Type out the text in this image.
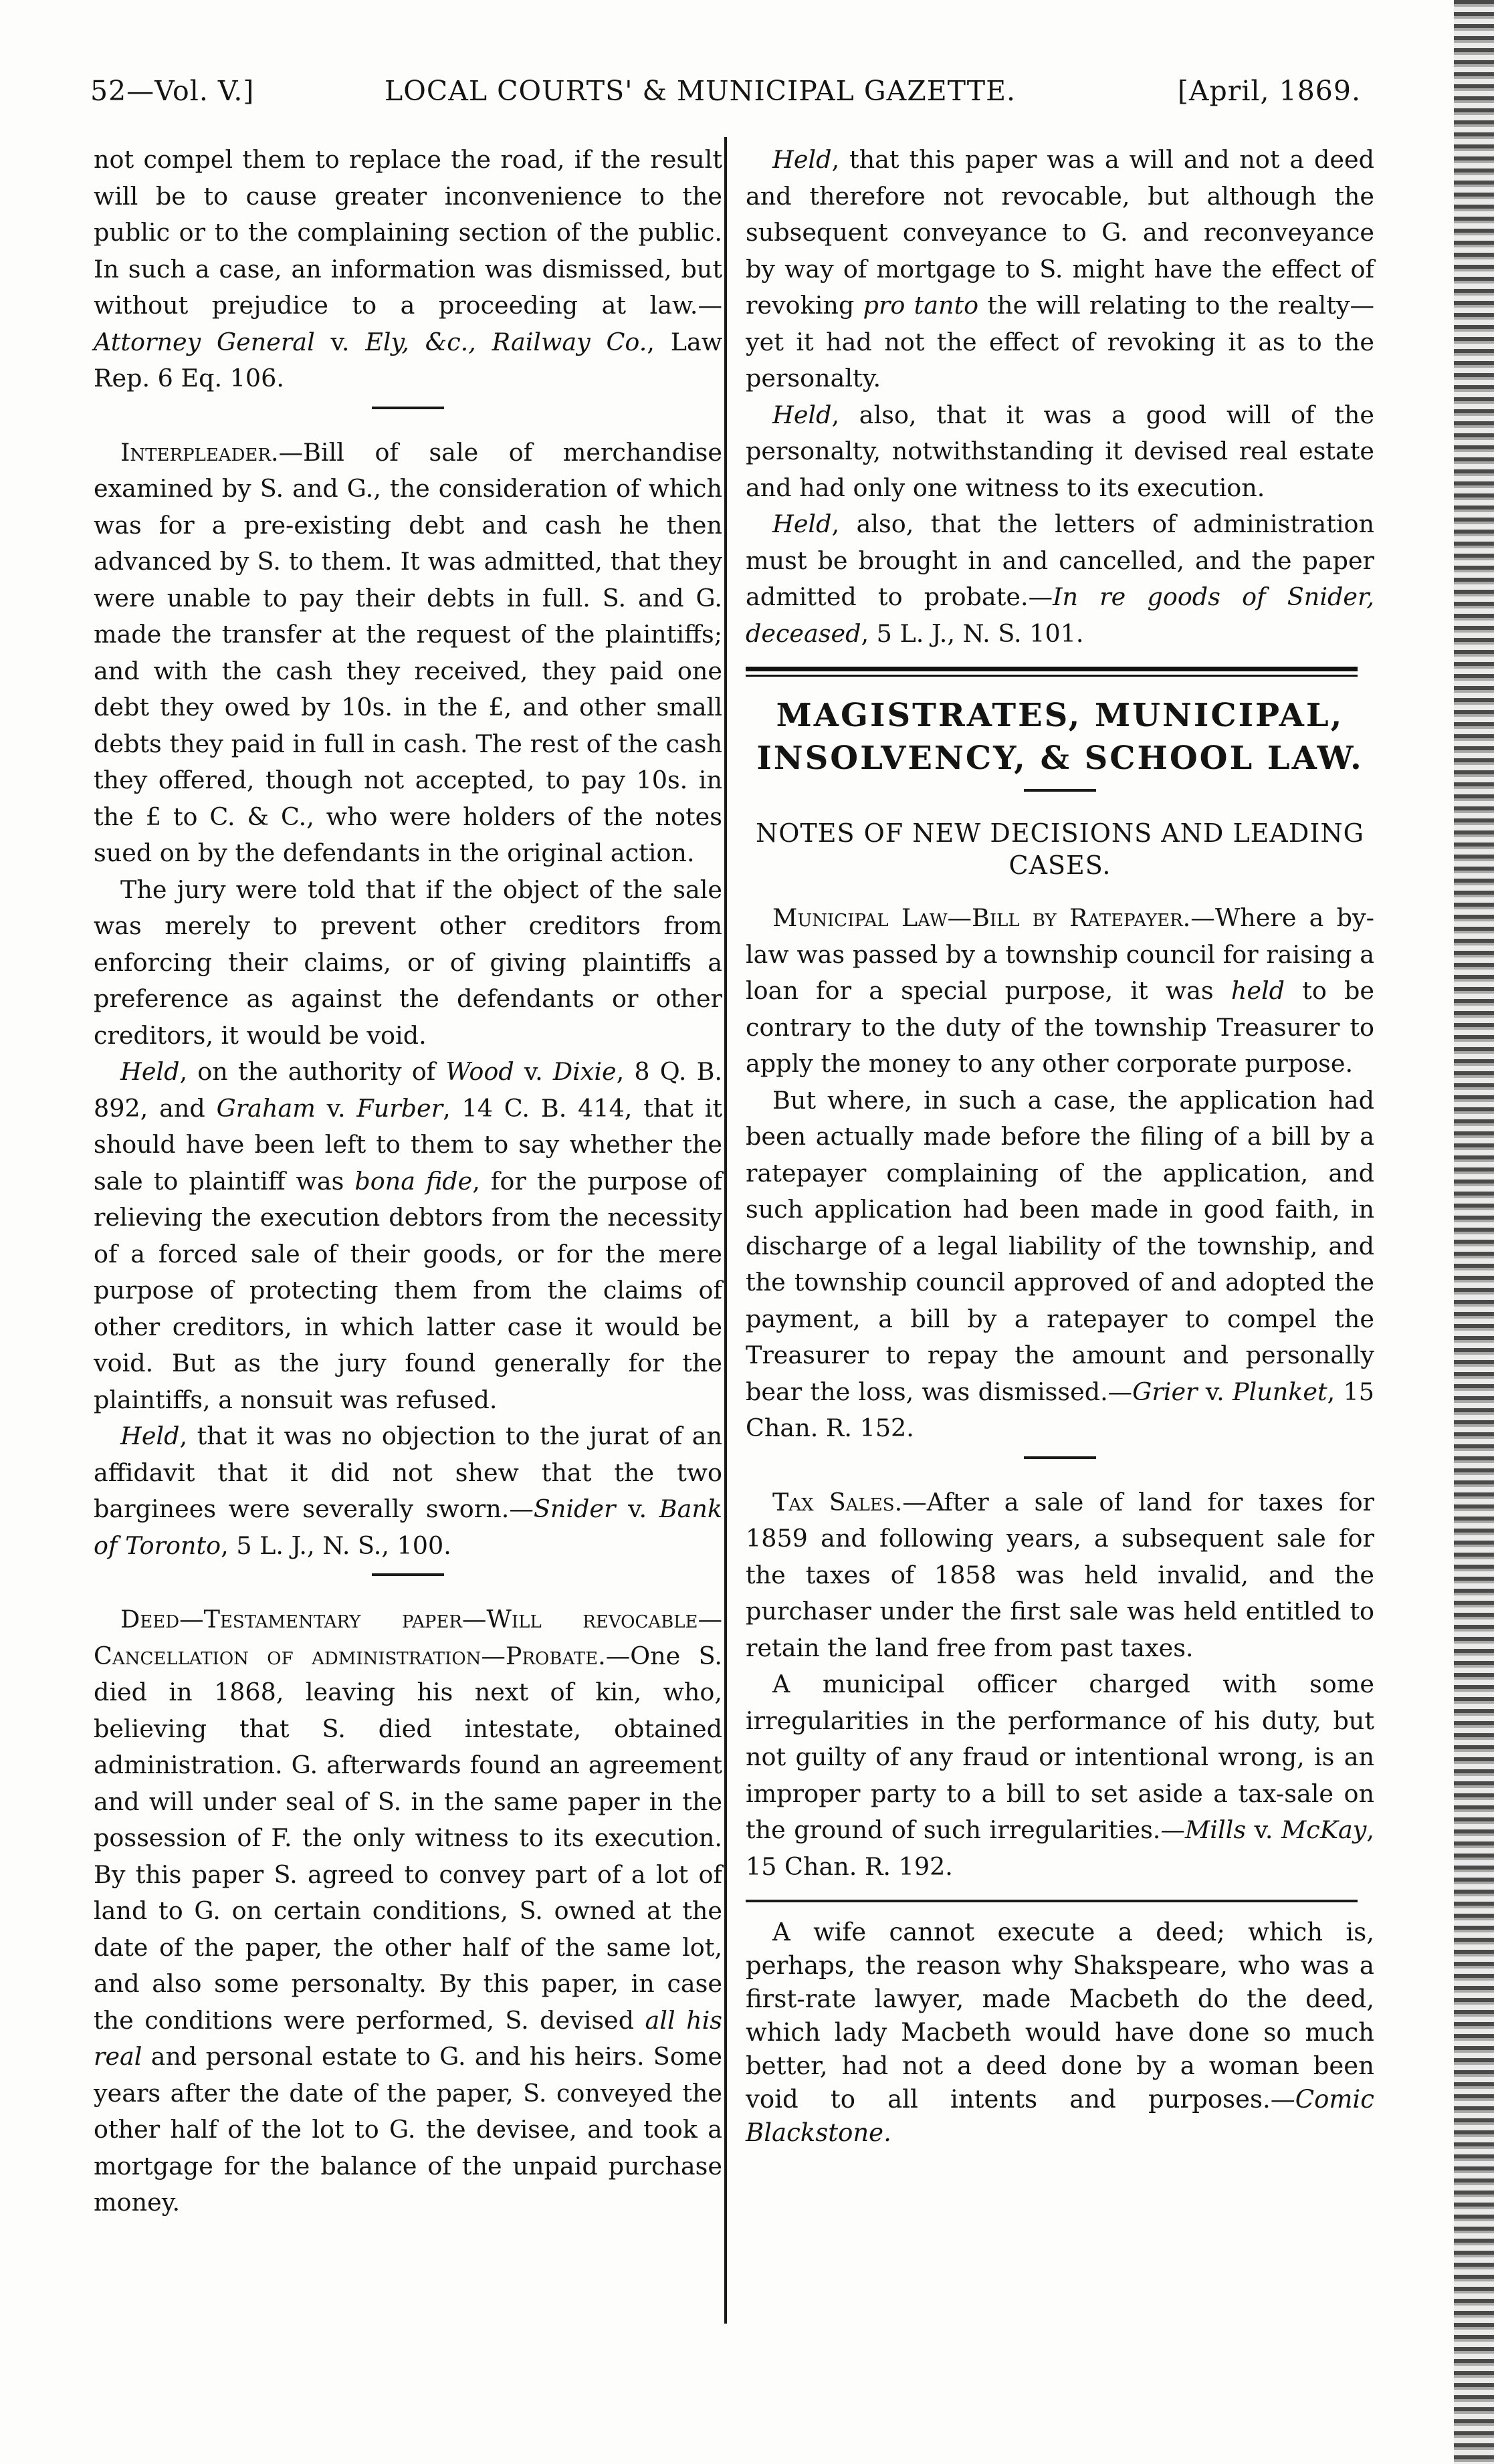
52—Vol. V.]	LOCAL COURTS' & MUNICIPAL GAZETTE.	[April, 1869.

not compel them to replace the road, if the result will be to cause greater inconvenience to the public or to the complaining section of the public. In such a case, an information was dismissed, but without prejudice to a proceeding at law.—Attorney General v. Ely, &c., Railway Co., Law Rep. 6 Eq. 106.

Interpleader.—Bill of sale of merchandise examined by S. and G., the consideration of which was for a pre-existing debt and cash he then advanced by S. to them. It was admitted, that they were unable to pay their debts in full. S. and G. made the transfer at the request of the plaintiffs; and with the cash they received, they paid one debt they owed by 10s. in the £, and other small debts they paid in full in cash. The rest of the cash they offered, though not accepted, to pay 10s. in the £ to C. & C., who were holders of the notes sued on by the defendants in the original action.

The jury were told that if the object of the sale was merely to prevent other creditors from enforcing their claims, or of giving plaintiffs a preference as against the defendants or other creditors, it would be void.

Held, on the authority of Wood v. Dixie, 8 Q. B. 892, and Graham v. Furber, 14 C. B. 414, that it should have been left to them to say whether the sale to plaintiff was bona fide, for the purpose of relieving the execution debtors from the necessity of a forced sale of their goods, or for the mere purpose of protecting them from the claims of other creditors, in which latter case it would be void. But as the jury found generally for the plaintiffs, a nonsuit was refused.

Held, that it was no objection to the jurat of an affidavit that it did not shew that the two barginees were severally sworn.—Snider v. Bank of Toronto, 5 L. J., N. S., 100.

Deed—Testamentary paper—Will revocable—Cancellation of administration—Probate.—One S. died in 1868, leaving his next of kin, who, believing that S. died intestate, obtained administration. G. afterwards found an agreement and will under seal of S. in the same paper in the possession of F. the only witness to its execution. By this paper S. agreed to convey part of a lot of land to G. on certain conditions, S. owned at the date of the paper, the other half of the same lot, and also some personalty. By this paper, in case the conditions were performed, S. devised all his real and personal estate to G. and his heirs. Some years after the date of the paper, S. conveyed the other half of the lot to G. the devisee, and took a mortgage for the balance of the unpaid purchase money.

Held, that this paper was a will and not a deed and therefore not revocable, but although the subsequent conveyance to G. and reconveyance by way of mortgage to S. might have the effect of revoking pro tanto the will relating to the realty—yet it had not the effect of revoking it as to the personalty.

Held, also, that it was a good will of the personalty, notwithstanding it devised real estate and had only one witness to its execution.

Held, also, that the letters of administration must be brought in and cancelled, and the paper admitted to probate.—In re goods of Snider, deceased, 5 L. J., N. S. 101.

MAGISTRATES, MUNICIPAL,
INSOLVENCY, & SCHOOL LAW.
NOTES OF NEW DECISIONS AND LEADING CASES.

Municipal Law—Bill by Ratepayer.—Where a by-law was passed by a township council for raising a loan for a special purpose, it was held to be contrary to the duty of the township Treasurer to apply the money to any other corporate purpose.

But where, in such a case, the application had been actually made before the filing of a bill by a ratepayer complaining of the application, and such application had been made in good faith, in discharge of a legal liability of the township, and the township council approved of and adopted the payment, a bill by a ratepayer to compel the Treasurer to repay the amount and personally bear the loss, was dismissed.—Grier v. Plunket, 15 Chan. R. 152.

Tax Sales.—After a sale of land for taxes for 1859 and following years, a subsequent sale for the taxes of 1858 was held invalid, and the purchaser under the first sale was held entitled to retain the land free from past taxes.

A municipal officer charged with some irregularities in the performance of his duty, but not guilty of any fraud or intentional wrong, is an improper party to a bill to set aside a tax-sale on the ground of such irregularities.—Mills v. McKay, 15 Chan. R. 192.

A wife cannot execute a deed; which is, perhaps, the reason why Shakspeare, who was a first-rate lawyer, made Macbeth do the deed, which lady Macbeth would have done so much better, had not a deed done by a woman been void to all intents and purposes.—Comic Blackstone.
